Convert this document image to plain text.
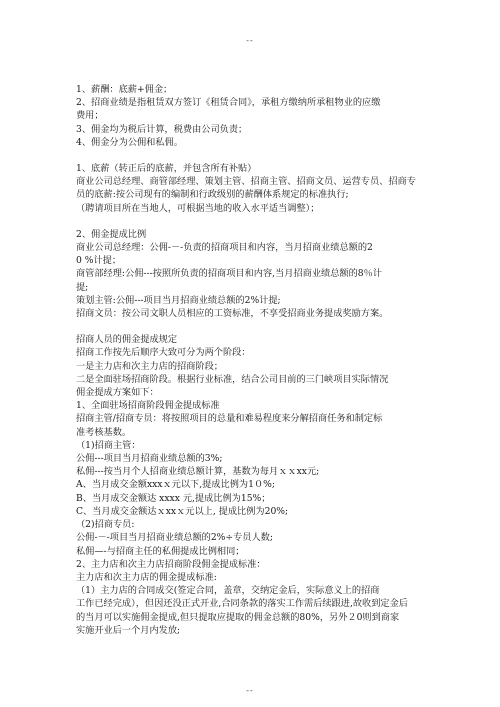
--

1、薪酬：底薪+佣金；

2、招商业绩是指租赁双方签订《租赁合同》，承租方缴纳所承租物业的应缴

费用；

3、佣金均为税后计算，税费由公司负责；

4、佣金分为公佣和私佣。

1、底薪（转正后的底薪，并包含所有补贴）

商业公司总经理、商管部经理、策划主管、招商主管、招商文员、运营专员、招商专

员的底薪:按公司现有的编制和行政级别的薪酬体系规定的标准执行;

（聘请项目所在当地人，可根据当地的收入水平适当调整）；

2、佣金提成比例

商业公司总经理：公佣-－-负责的招商项目和内容，当月招商业绩总额的2

0 %计提；

商管部经理:公佣---按照所负责的招商项目和内容,当月招商业绩总额的8％计

提;

策划主管:公佣---项目当月招商业绩总额的2%计提;

招商文员：按公司文职人员相应的工资标准，不享受招商业务提成奖励方案。

招商人员的佣金提成规定

招商工作按先后顺序大致可分为两个阶段：

一是主力店和次主力店的招商阶段；

二是全面驻场招商阶段。根据行业标准，结合公司目前的三门峡项目实际情况

佣金提成方案如下：

1、全面驻场招商阶段佣金提成标准

招商主管/招商专员：将按照项目的总量和难易程度来分解招商任务和制定标

准考核基数。

（1)招商主管：

公佣---项目当月招商业绩总额的3%;

私佣---按当月个人招商业绩总额计算，基数为每月ｘｘxx元;

A、当月成交金额xxxｘ元以下,提成比例为1０%;

B、当月成交金额达 xxxx 元,提成比例为15%；

C、当月成交金额达ｘxxｘ元以上, 提成比例为20%;

（2)招商专员:

公佣-－-项目当月招商业绩总额的2%÷专员人数;

私佣—-与招商主任的私佣提成比例相同；

2、主力店和次主力店招商阶段佣金提成标准：

主力店和次主力店的佣金提成标准:

（1）主力店的合同成交(签定合同，盖章，交纳定金后，实际意义上的招商

工作已经完成），但因还没正式开业,合同条款的落实工作需后续跟进,故收到定金后

的当月可以实施佣金提成,但只提取应提取的佣金总额的80%，另外２0则到商家

实施开业后一个月内发放;

--
